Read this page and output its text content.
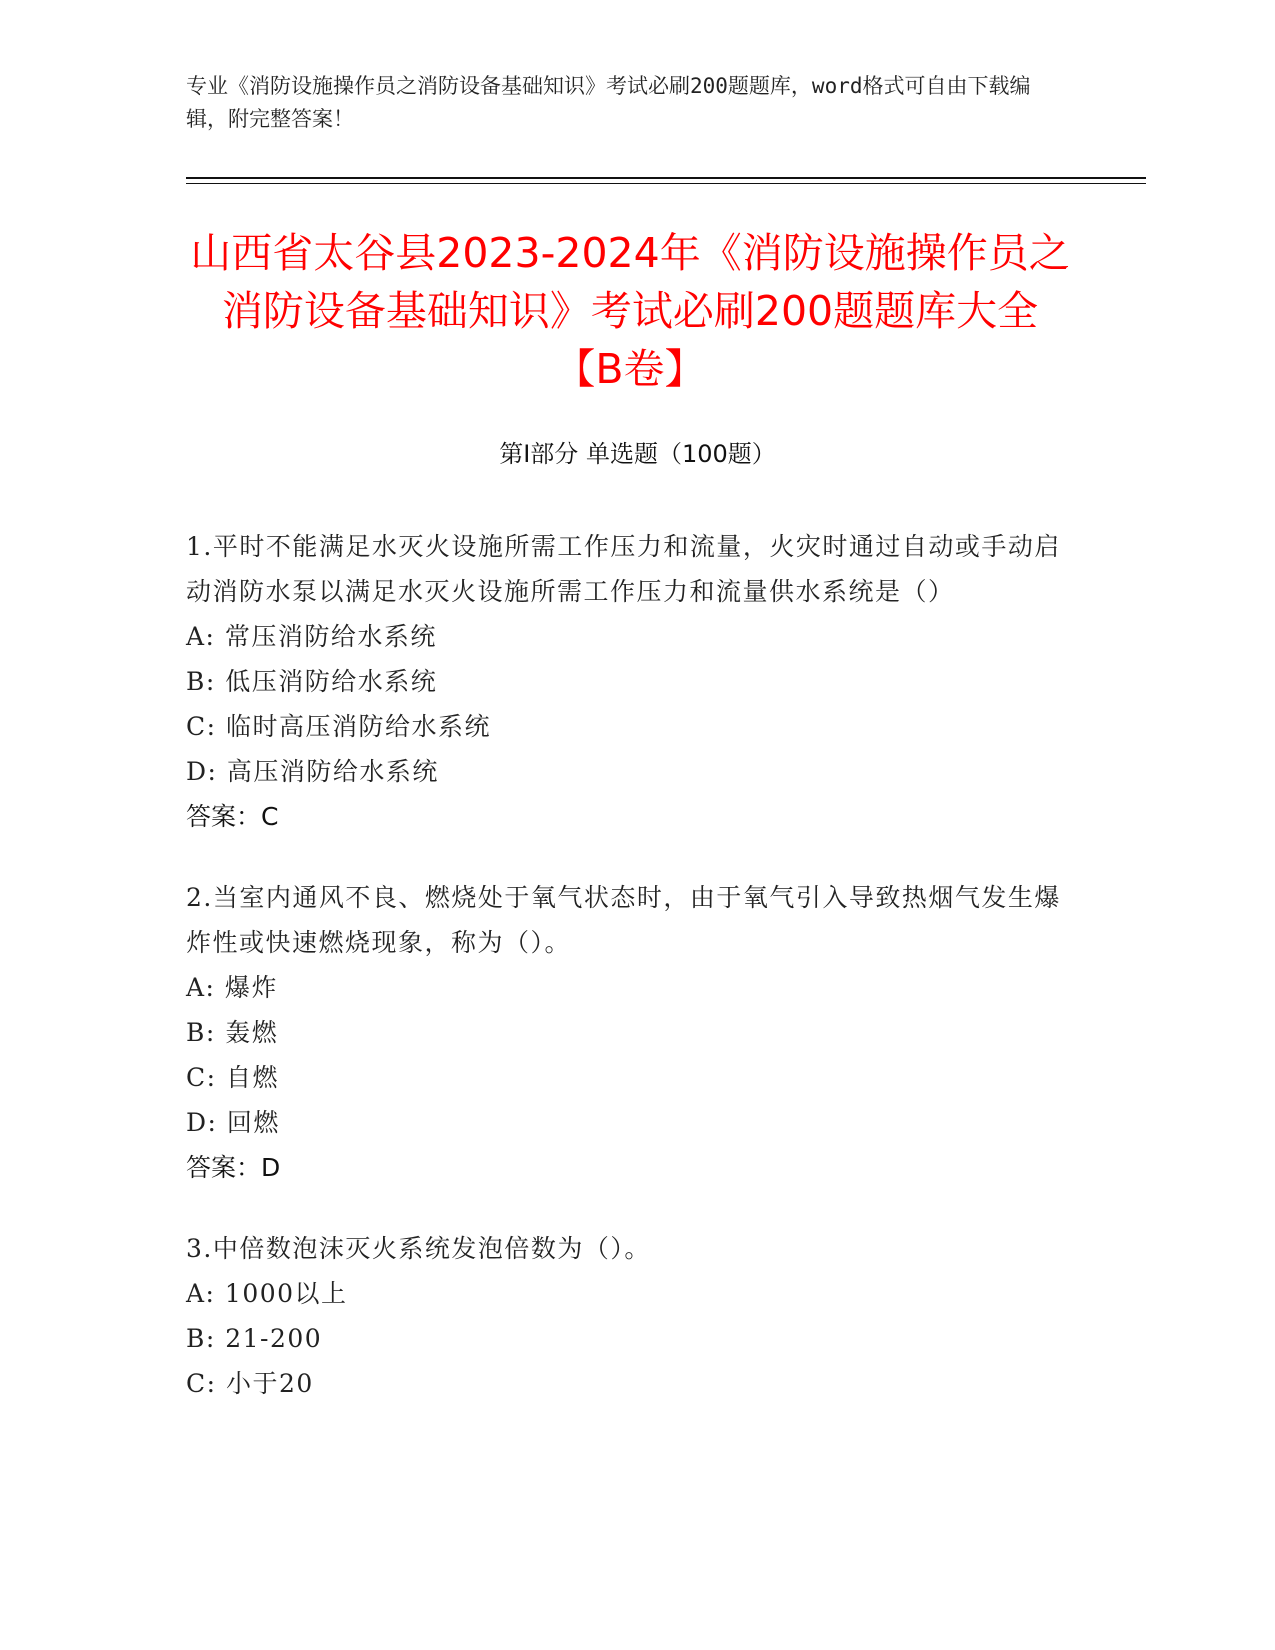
专业《消防设施操作员之消防设备基础知识》考试必刷200题题库，word格式可自由下载编辑，附完整答案！
山西省太谷县2023-2024年《消防设施操作员之消防设备基础知识》考试必刷200题题库大全【B卷】
第Ⅰ部分 单选题（100题）
1.平时不能满足水灭火设施所需工作压力和流量，火灾时通过自动或手动启动消防水泵以满足水灭火设施所需工作压力和流量供水系统是（）
A: 常压消防给水系统
B: 低压消防给水系统
C: 临时高压消防给水系统
D: 高压消防给水系统
答案：C
2.当室内通风不良、燃烧处于氧气状态时，由于氧气引入导致热烟气发生爆炸性或快速燃烧现象，称为（）。
A: 爆炸
B: 轰燃
C: 自燃
D: 回燃
答案：D
3.中倍数泡沫灭火系统发泡倍数为（）。
A: 1000以上
B: 21-200
C: 小于20
